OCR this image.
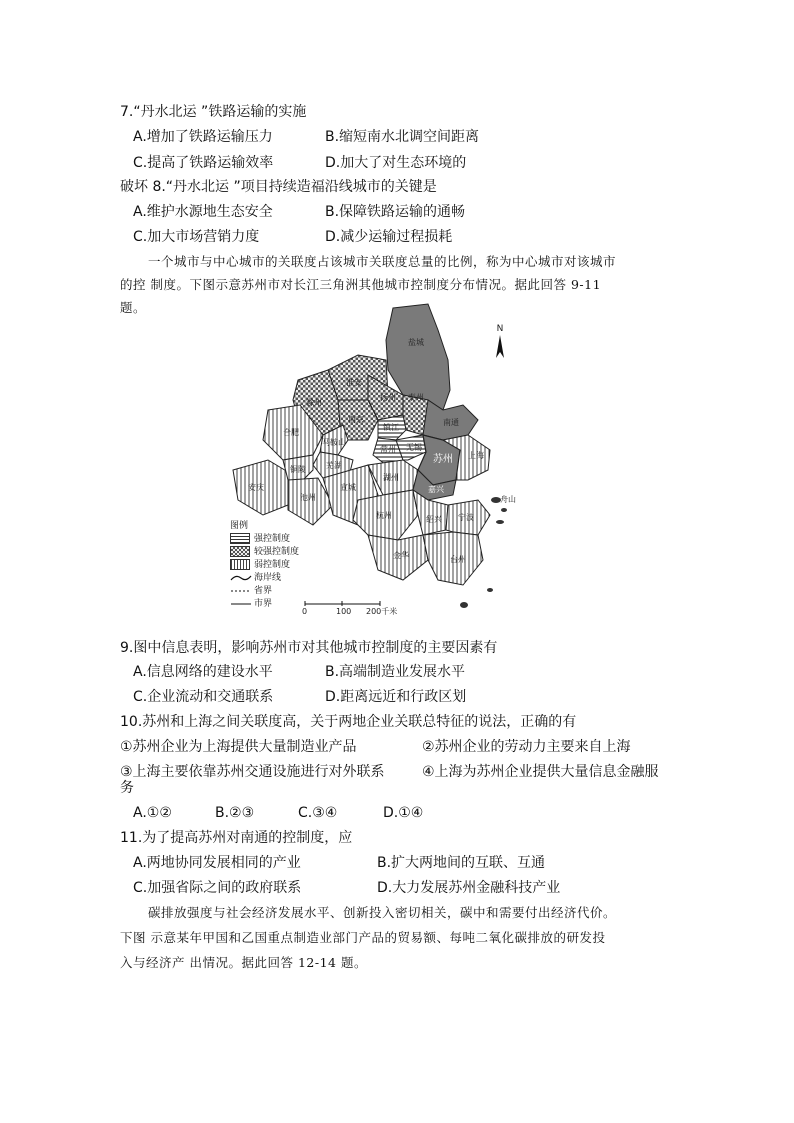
7.“丹水北运 ”铁路运输的实施
A.增加了铁路运输压力	B.缩短南水北调空间距离
C.提高了铁路运输效率	D.加大了对生态环境的
破坏 8.“丹水北运 ”项目持续造福沿线城市的关键是
A.维护水源地生态安全	B.保障铁路运输的通畅
C.加大市场营销力度	D.减少运输过程损耗
一个城市与中心城市的关联度占该城市关联度总量的比例，称为中心城市对该城市
的控 制度。下图示意苏州市对长江三角洲其他城市控制度分布情况。据此回答 9-11
题。
N
盐城
淮安
扬州 泰州
南通
滁州
南京
镇江
常州 无锡
苏州 上海
合肥
马鞍山
芜湖
铜陵
安庆
池州
宣城
湖州
嘉兴
杭州	绍兴 宁波
舟山
金华	台州
图例
强控制度
较强控制度
弱控制度
海岸线
省界
市界
0	100 200千米
9.图中信息表明，影响苏州市对其他城市控制度的主要因素有
A.信息网络的建设水平	B.高端制造业发展水平
C.企业流动和交通联系	D.距离远近和行政区划
10.苏州和上海之间关联度高，关于两地企业关联总特征的说法，正确的有
①苏州企业为上海提供大量制造业产品	②苏州企业的劳动力主要来自上海
③上海主要依靠苏州交通设施进行对外联系	④上海为苏州企业提供大量信息金融服
务
A.①②	B.②③	C.③④	D.①④
11.为了提高苏州对南通的控制度，应
A.两地协同发展相同的产业	B.扩大两地间的互联、互通
C.加强省际之间的政府联系	D.大力发展苏州金融科技产业
碳排放强度与社会经济发展水平、创新投入密切相关，碳中和需要付出经济代价。
下图 示意某年甲国和乙国重点制造业部门产品的贸易额、每吨二氧化碳排放的研发投
入与经济产 出情况。据此回答 12-14 题。
